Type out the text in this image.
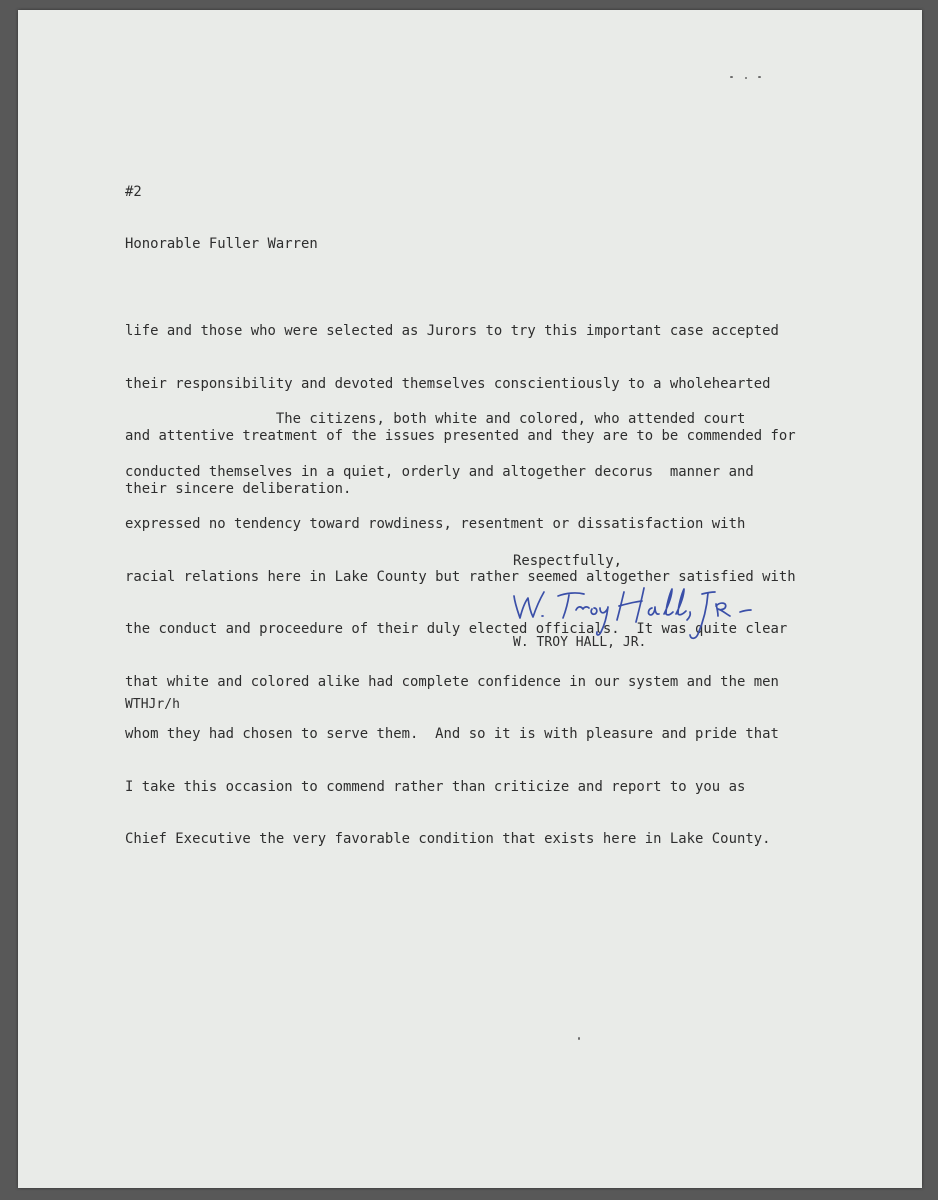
#2
Honorable Fuller Warren

life and those who were selected as Jurors to try this important case accepted

their responsibility and devoted themselves conscientiously to a wholehearted

and attentive treatment of the issues presented and they are to be commended for

their sincere deliberation.

The citizens, both white and colored, who attended court

conducted themselves in a quiet, orderly and altogether decorus  manner and

expressed no tendency toward rowdiness, resentment or dissatisfaction with

racial relations here in Lake County but rather seemed altogether satisfied with

the conduct and proceedure of their duly elected officials.  It was quite clear

that white and colored alike had complete confidence in our system and the men

whom they had chosen to serve them.  And so it is with pleasure and pride that

I take this occasion to commend rather than criticize and report to you as

Chief Executive the very favorable condition that exists here in Lake County.

Respectfully,
W. TROY HALL, JR.
WTHJr/h
